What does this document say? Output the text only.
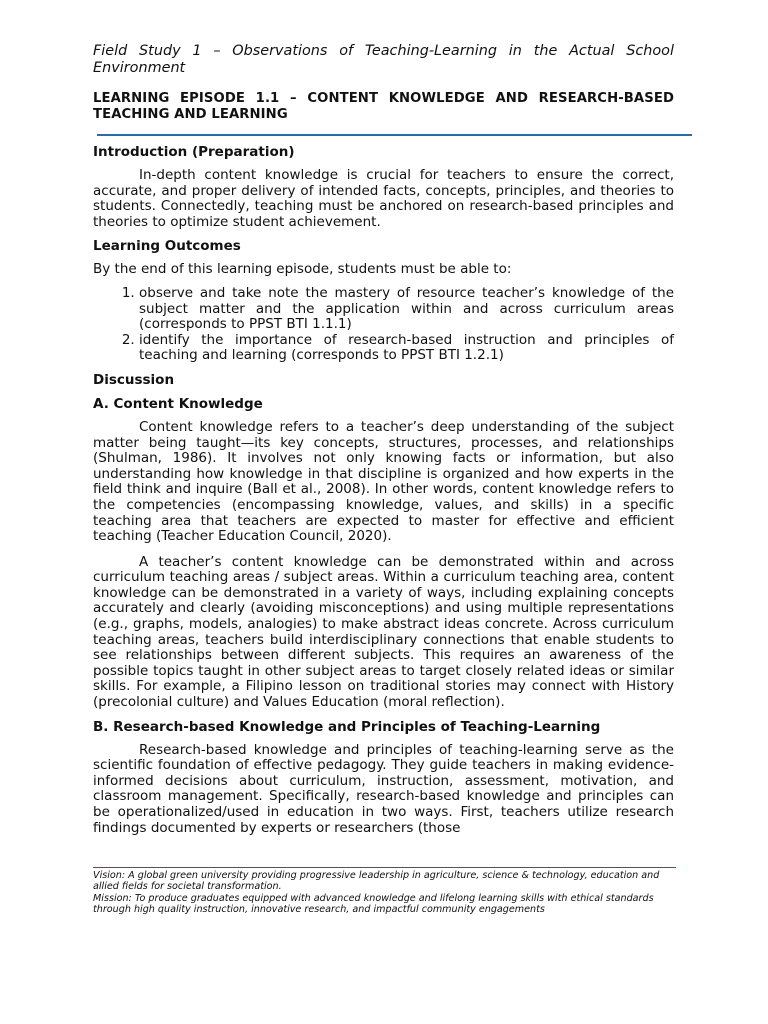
Field Study 1 – Observations of Teaching-Learning in the Actual School Environment

LEARNING EPISODE 1.1 – CONTENT KNOWLEDGE AND RESEARCH-BASED TEACHING AND LEARNING

Introduction (Preparation)

In-depth content knowledge is crucial for teachers to ensure the correct, accurate, and proper delivery of intended facts, concepts, principles, and theories to students. Connectedly, teaching must be anchored on research-based principles and theories to optimize student achievement.

Learning Outcomes

By the end of this learning episode, students must be able to:

1. observe and take note the mastery of resource teacher’s knowledge of the subject matter and the application within and across curriculum areas (corresponds to PPST BTI 1.1.1)
2. identify the importance of research-based instruction and principles of teaching and learning (corresponds to PPST BTI 1.2.1)
Discussion
A. Content Knowledge

Content knowledge refers to a teacher’s deep understanding of the subject matter being taught—its key concepts, structures, processes, and relationships (Shulman, 1986). It involves not only knowing facts or information, but also understanding how knowledge in that discipline is organized and how experts in the field think and inquire (Ball et al., 2008). In other words, content knowledge refers to the competencies (encompassing knowledge, values, and skills) in a specific teaching area that teachers are expected to master for effective and efficient teaching (Teacher Education Council, 2020).

A teacher’s content knowledge can be demonstrated within and across curriculum teaching areas / subject areas. Within a curriculum teaching area, content knowledge can be demonstrated in a variety of ways, including explaining concepts accurately and clearly (avoiding misconceptions) and using multiple representations (e.g., graphs, models, analogies) to make abstract ideas concrete. Across curriculum teaching areas, teachers build interdisciplinary connections that enable students to see relationships between different subjects. This requires an awareness of the possible topics taught in other subject areas to target closely related ideas or similar skills. For example, a Filipino lesson on traditional stories may connect with History (precolonial culture) and Values Education (moral reflection).

B. Research-based Knowledge and Principles of Teaching-Learning

Research-based knowledge and principles of teaching-learning serve as the scientific foundation of effective pedagogy. They guide teachers in making evidence-informed decisions about curriculum, instruction, assessment, motivation, and classroom management. Specifically, research-based knowledge and principles can be operationalized/used in education in two ways. First, teachers utilize research findings documented by experts or researchers (those

Vision: A global green university providing progressive leadership in agriculture, science & technology, education and allied fields for societal transformation.
Mission: To produce graduates equipped with advanced knowledge and lifelong learning skills with ethical standards through high quality instruction, innovative research, and impactful community engagements
